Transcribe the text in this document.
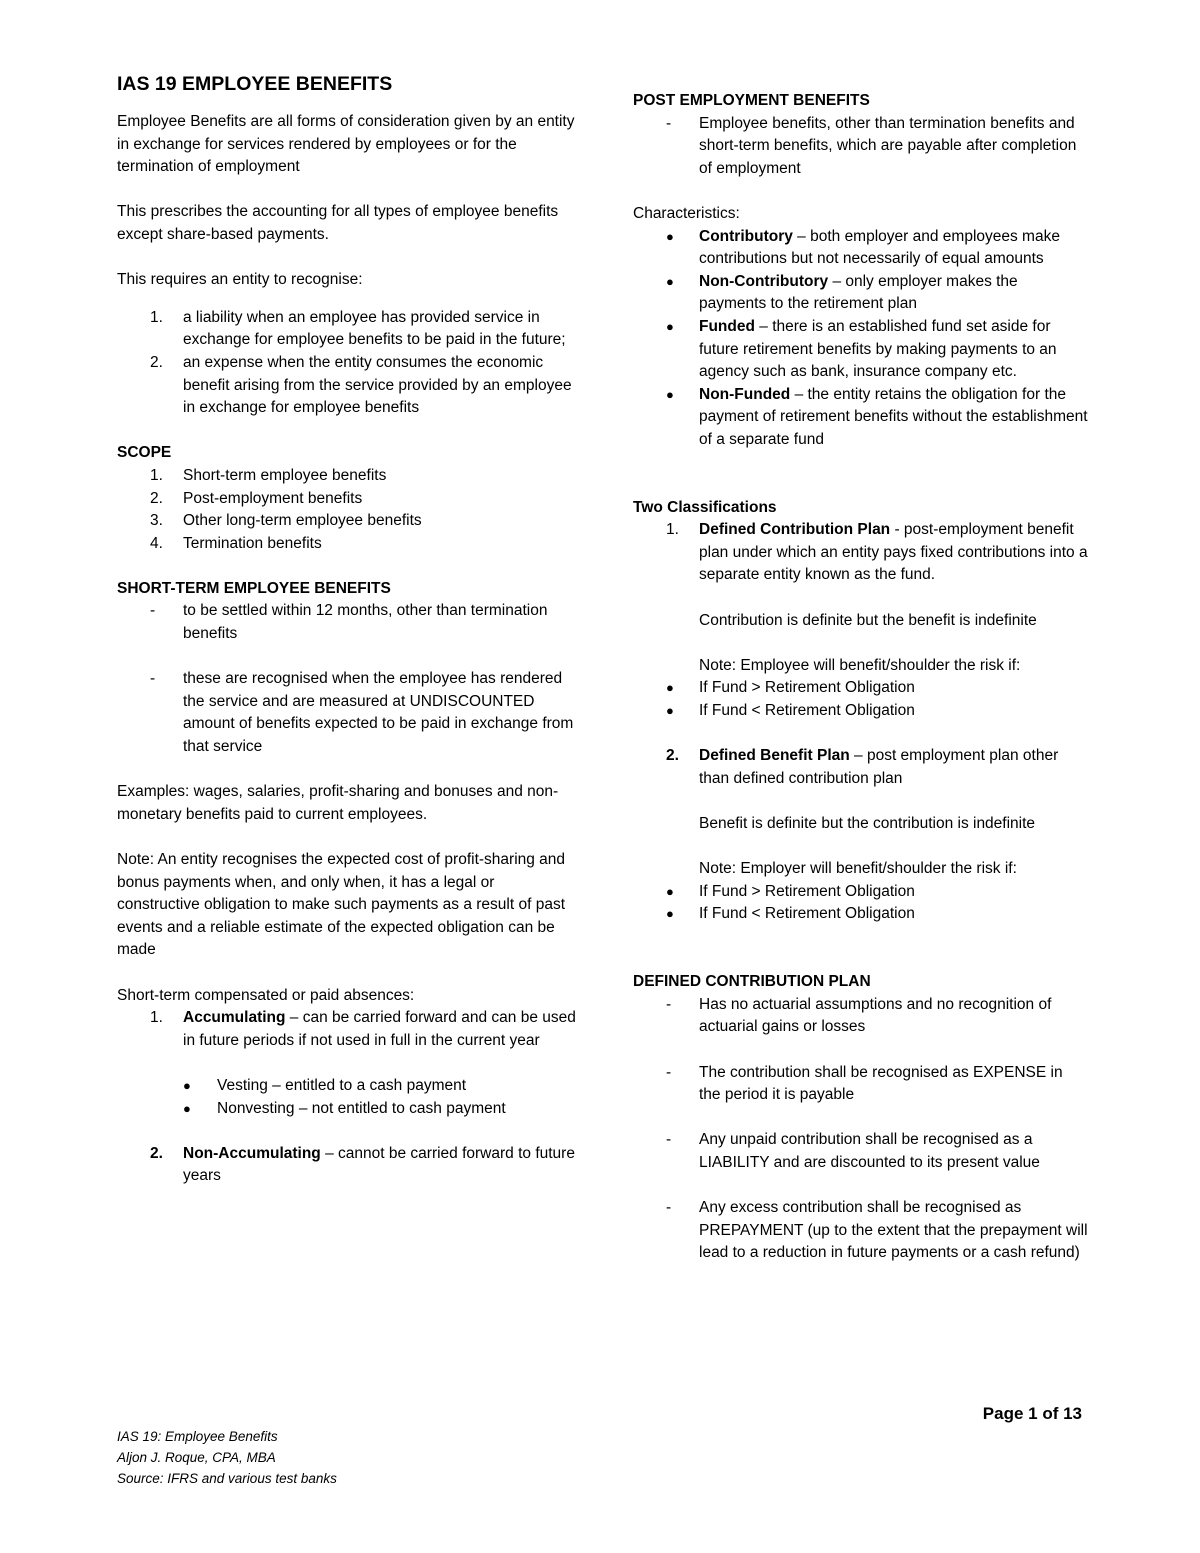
IAS 19 EMPLOYEE BENEFITS

Employee Benefits are all forms of consideration given by an entity in exchange for services rendered by employees or for the termination of employment

This prescribes the accounting for all types of employee benefits except share-based payments.

This requires an entity to recognise:

1. a liability when an employee has provided service in exchange for employee benefits to be paid in the future;
2. an expense when the entity consumes the economic benefit arising from the service provided by an employee in exchange for employee benefits

SCOPE

1. Short-term employee benefits
2. Post-employment benefits
3. Other long-term employee benefits
4. Termination benefits

SHORT-TERM EMPLOYEE BENEFITS

- to be settled within 12 months, other than termination benefits
- these are recognised when the employee has rendered the service and are measured at UNDISCOUNTED amount of benefits expected to be paid in exchange from that service

Examples: wages, salaries, profit-sharing and bonuses and non-monetary benefits paid to current employees.

Note: An entity recognises the expected cost of profit-sharing and bonus payments when, and only when, it has a legal or constructive obligation to make such payments as a result of past events and a reliable estimate of the expected obligation can be made

Short-term compensated or paid absences:

1. Accumulating – can be carried forward and can be used in future periods if not used in full in the current year
● Vesting – entitled to a cash payment
● Nonvesting – not entitled to cash payment
2. Non-Accumulating – cannot be carried forward to future years

POST EMPLOYMENT BENEFITS

- Employee benefits, other than termination benefits and short-term benefits, which are payable after completion of employment

Characteristics:

● Contributory – both employer and employees make contributions but not necessarily of equal amounts
● Non-Contributory – only employer makes the payments to the retirement plan
● Funded – there is an established fund set aside for future retirement benefits by making payments to an agency such as bank, insurance company etc.
● Non-Funded – the entity retains the obligation for the payment of retirement benefits without the establishment of a separate fund

Two Classifications

1. Defined Contribution Plan - post-employment benefit plan under which an entity pays fixed contributions into a separate entity known as the fund.

Contribution is definite but the benefit is indefinite

Note: Employee will benefit/shoulder the risk if:

● If Fund > Retirement Obligation
● If Fund < Retirement Obligation
2. Defined Benefit Plan – post employment plan other than defined contribution plan

Benefit is definite but the contribution is indefinite

Note: Employer will benefit/shoulder the risk if:

● If Fund > Retirement Obligation
● If Fund < Retirement Obligation

DEFINED CONTRIBUTION PLAN

- Has no actuarial assumptions and no recognition of actuarial gains or losses
- The contribution shall be recognised as EXPENSE in the period it is payable
- Any unpaid contribution shall be recognised as a LIABILITY and are discounted to its present value
- Any excess contribution shall be recognised as PREPAYMENT (up to the extent that the prepayment will lead to a reduction in future payments or a cash refund)
Page 1 of 13
IAS 19: Employee Benefits
Aljon J. Roque, CPA, MBA
Source: IFRS and various test banks
